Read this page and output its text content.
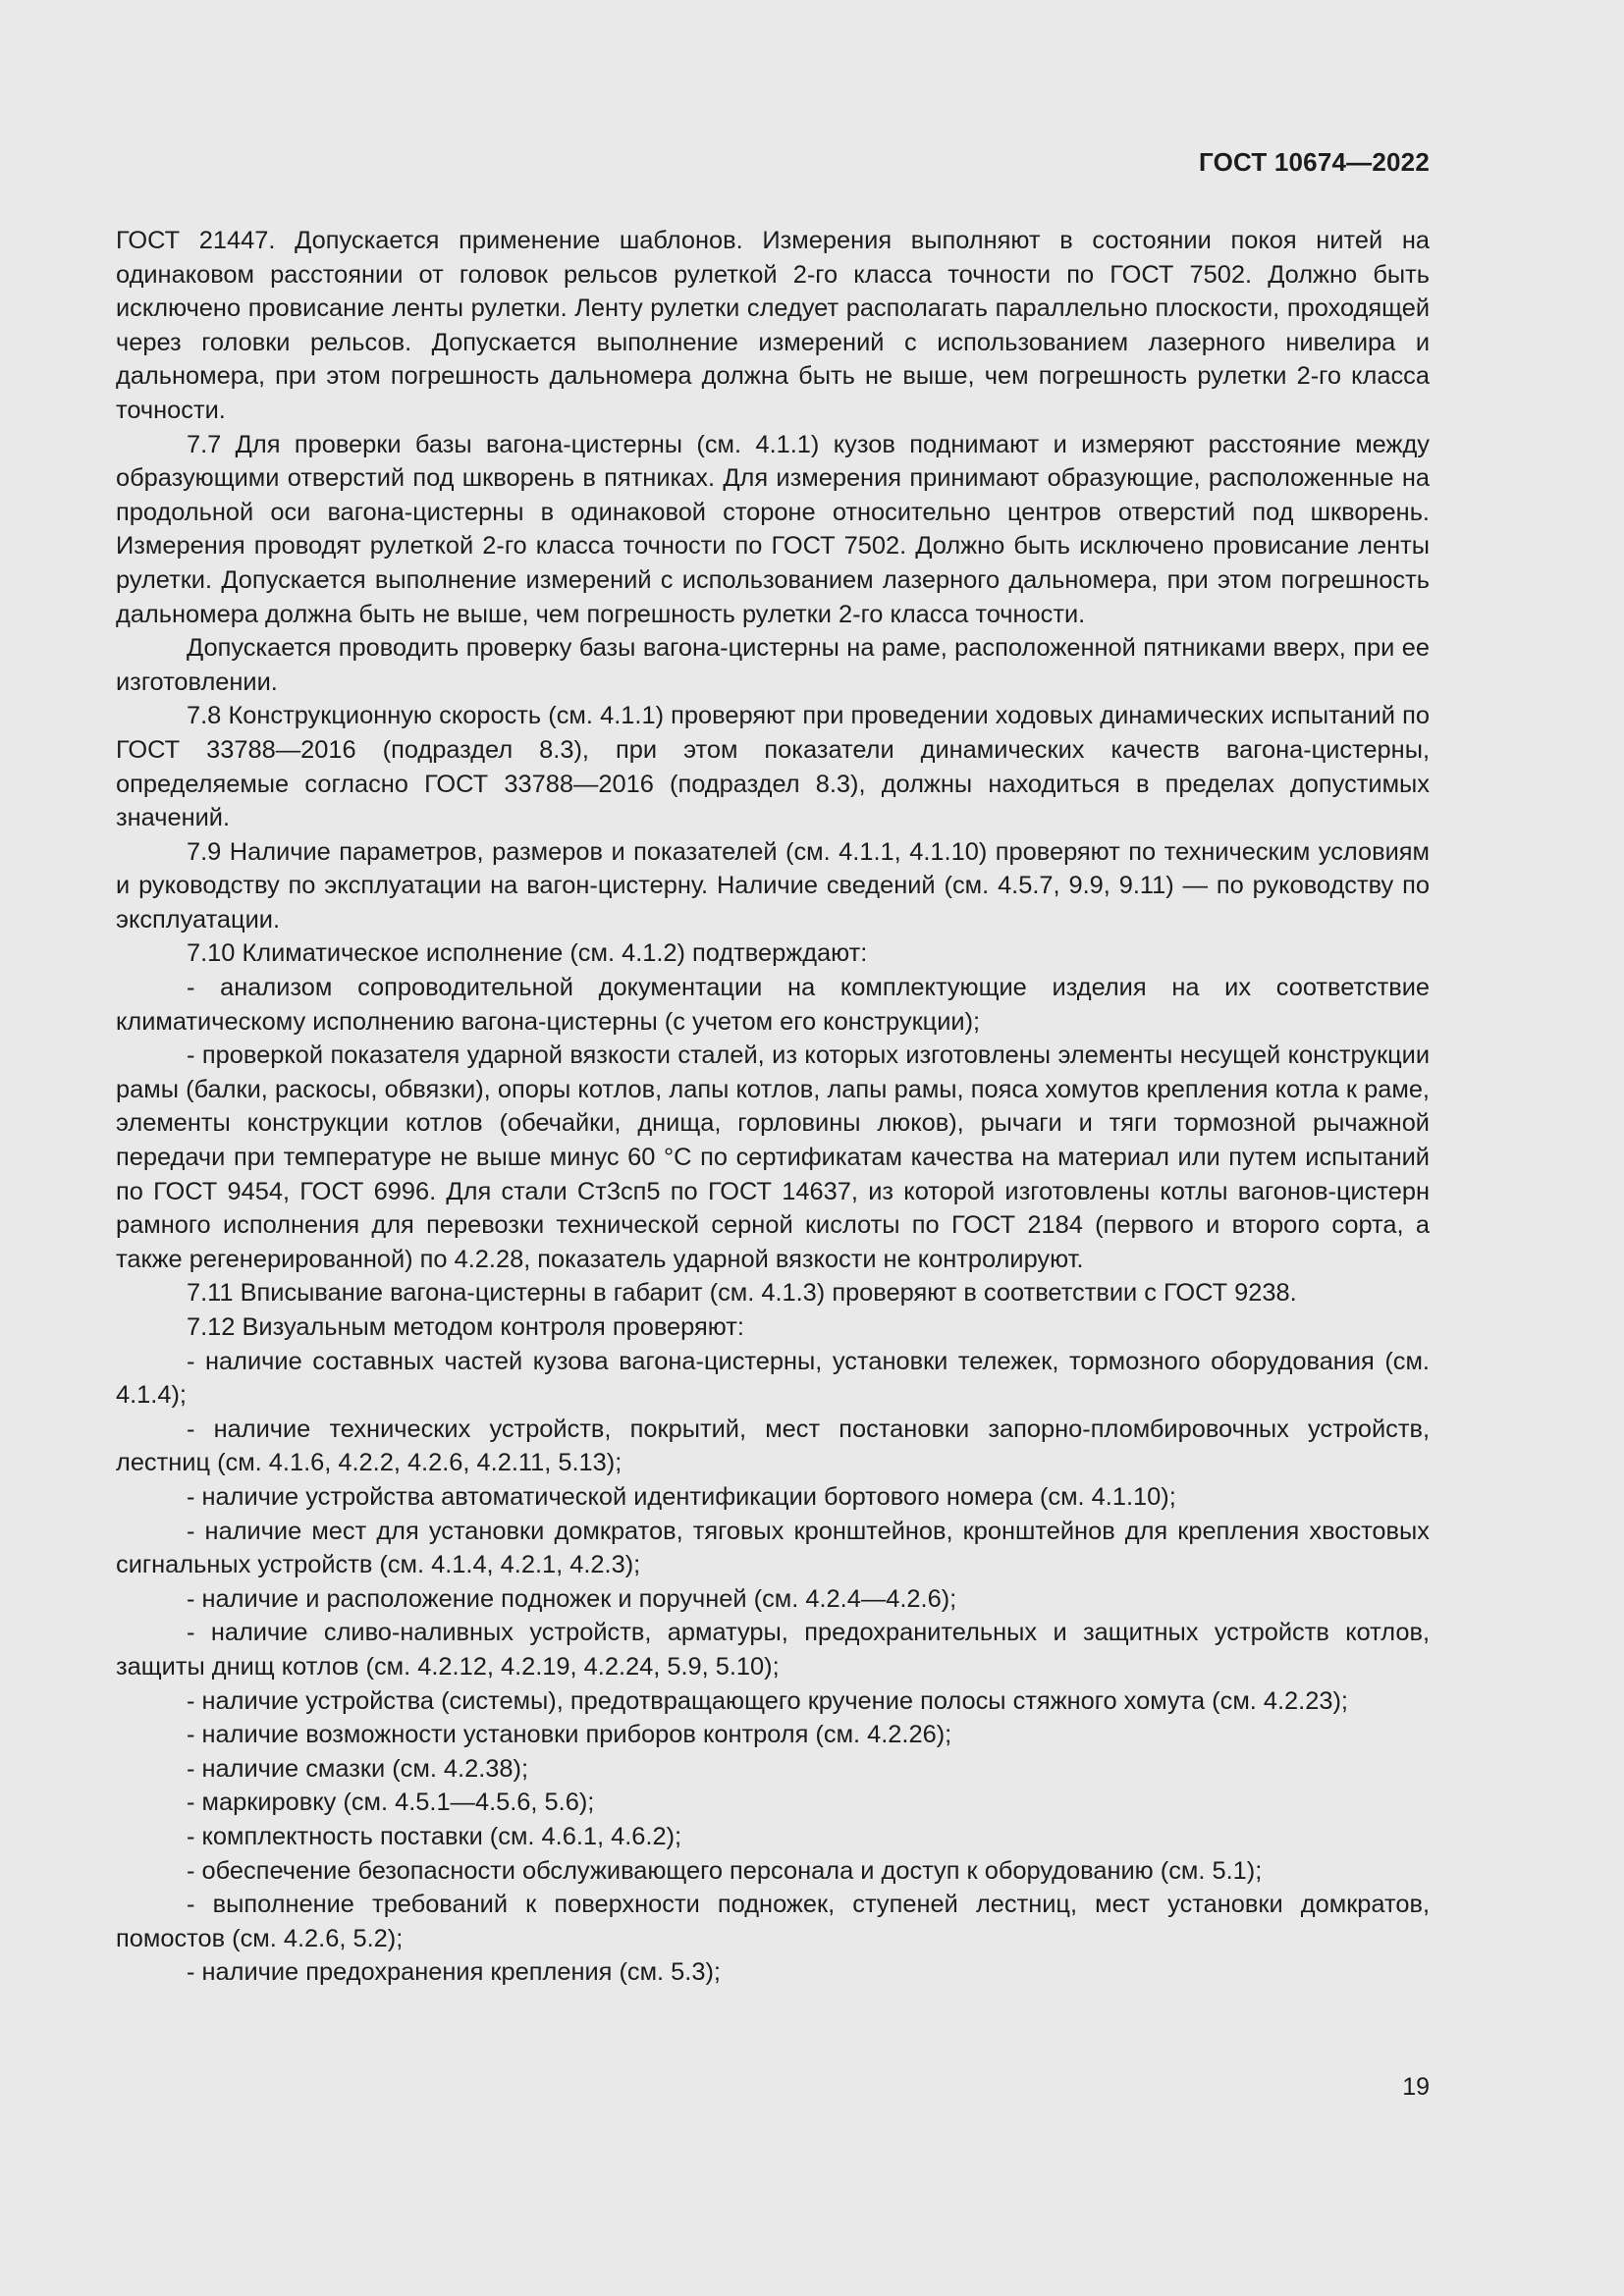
ГОСТ 10674—2022

ГОСТ 21447. Допускается применение шаблонов. Измерения выполняют в состоянии покоя нитей на одинаковом расстоянии от головок рельсов рулеткой 2-го класса точности по ГОСТ 7502. Должно быть исключено провисание ленты рулетки. Ленту рулетки следует располагать параллельно плоскости, проходящей через головки рельсов. Допускается выполнение измерений с использованием лазерного нивелира и дальномера, при этом погрешность дальномера должна быть не выше, чем погрешность рулетки 2-го класса точности.

7.7 Для проверки базы вагона-цистерны (см. 4.1.1) кузов поднимают и измеряют расстояние между образующими отверстий под шкворень в пятниках. Для измерения принимают образующие, расположенные на продольной оси вагона-цистерны в одинаковой стороне относительно центров отверстий под шкворень. Измерения проводят рулеткой 2-го класса точности по ГОСТ 7502. Должно быть исключено провисание ленты рулетки. Допускается выполнение измерений с использованием лазерного дальномера, при этом погрешность дальномера должна быть не выше, чем погрешность рулетки 2-го класса точности.

Допускается проводить проверку базы вагона-цистерны на раме, расположенной пятниками вверх, при ее изготовлении.

7.8 Конструкционную скорость (см. 4.1.1) проверяют при проведении ходовых динамических испытаний по ГОСТ 33788—2016 (подраздел 8.3), при этом показатели динамических качеств вагона-цистерны, определяемые согласно ГОСТ 33788—2016 (подраздел 8.3), должны находиться в пределах допустимых значений.

7.9 Наличие параметров, размеров и показателей (см. 4.1.1, 4.1.10) проверяют по техническим условиям и руководству по эксплуатации на вагон-цистерну. Наличие сведений (см. 4.5.7, 9.9, 9.11) — по руководству по эксплуатации.

7.10 Климатическое исполнение (см. 4.1.2) подтверждают:

- анализом сопроводительной документации на комплектующие изделия на их соответствие климатическому исполнению вагона-цистерны (с учетом его конструкции);

- проверкой показателя ударной вязкости сталей, из которых изготовлены элементы несущей конструкции рамы (балки, раскосы, обвязки), опоры котлов, лапы котлов, лапы рамы, пояса хомутов крепления котла к раме, элементы конструкции котлов (обечайки, днища, горловины люков), рычаги и тяги тормозной рычажной передачи при температуре не выше минус 60 °С по сертификатам качества на материал или путем испытаний по ГОСТ 9454, ГОСТ 6996. Для стали Ст3сп5 по ГОСТ 14637, из которой изготовлены котлы вагонов-цистерн рамного исполнения для перевозки технической серной кислоты по ГОСТ 2184 (первого и второго сорта, а также регенерированной) по 4.2.28, показатель ударной вязкости не контролируют.

7.11 Вписывание вагона-цистерны в габарит (см. 4.1.3) проверяют в соответствии с ГОСТ 9238.

7.12 Визуальным методом контроля проверяют:

- наличие составных частей кузова вагона-цистерны, установки тележек, тормозного оборудования (см. 4.1.4);

- наличие технических устройств, покрытий, мест постановки запорно-пломбировочных устройств, лестниц (см. 4.1.6, 4.2.2, 4.2.6, 4.2.11, 5.13);

- наличие устройства автоматической идентификации бортового номера (см. 4.1.10);

- наличие мест для установки домкратов, тяговых кронштейнов, кронштейнов для крепления хвостовых сигнальных устройств (см. 4.1.4, 4.2.1, 4.2.3);

- наличие и расположение подножек и поручней (см. 4.2.4—4.2.6);

- наличие сливо-наливных устройств, арматуры, предохранительных и защитных устройств котлов, защиты днищ котлов (см. 4.2.12, 4.2.19, 4.2.24, 5.9, 5.10);

- наличие устройства (системы), предотвращающего кручение полосы стяжного хомута (см. 4.2.23);

- наличие возможности установки приборов контроля (см. 4.2.26);

- наличие смазки (см. 4.2.38);

- маркировку (см. 4.5.1—4.5.6, 5.6);

- комплектность поставки (см. 4.6.1, 4.6.2);

- обеспечение безопасности обслуживающего персонала и доступ к оборудованию (см. 5.1);

- выполнение требований к поверхности подножек, ступеней лестниц, мест установки домкратов, помостов (см. 4.2.6, 5.2);

- наличие предохранения крепления (см. 5.3);

19
